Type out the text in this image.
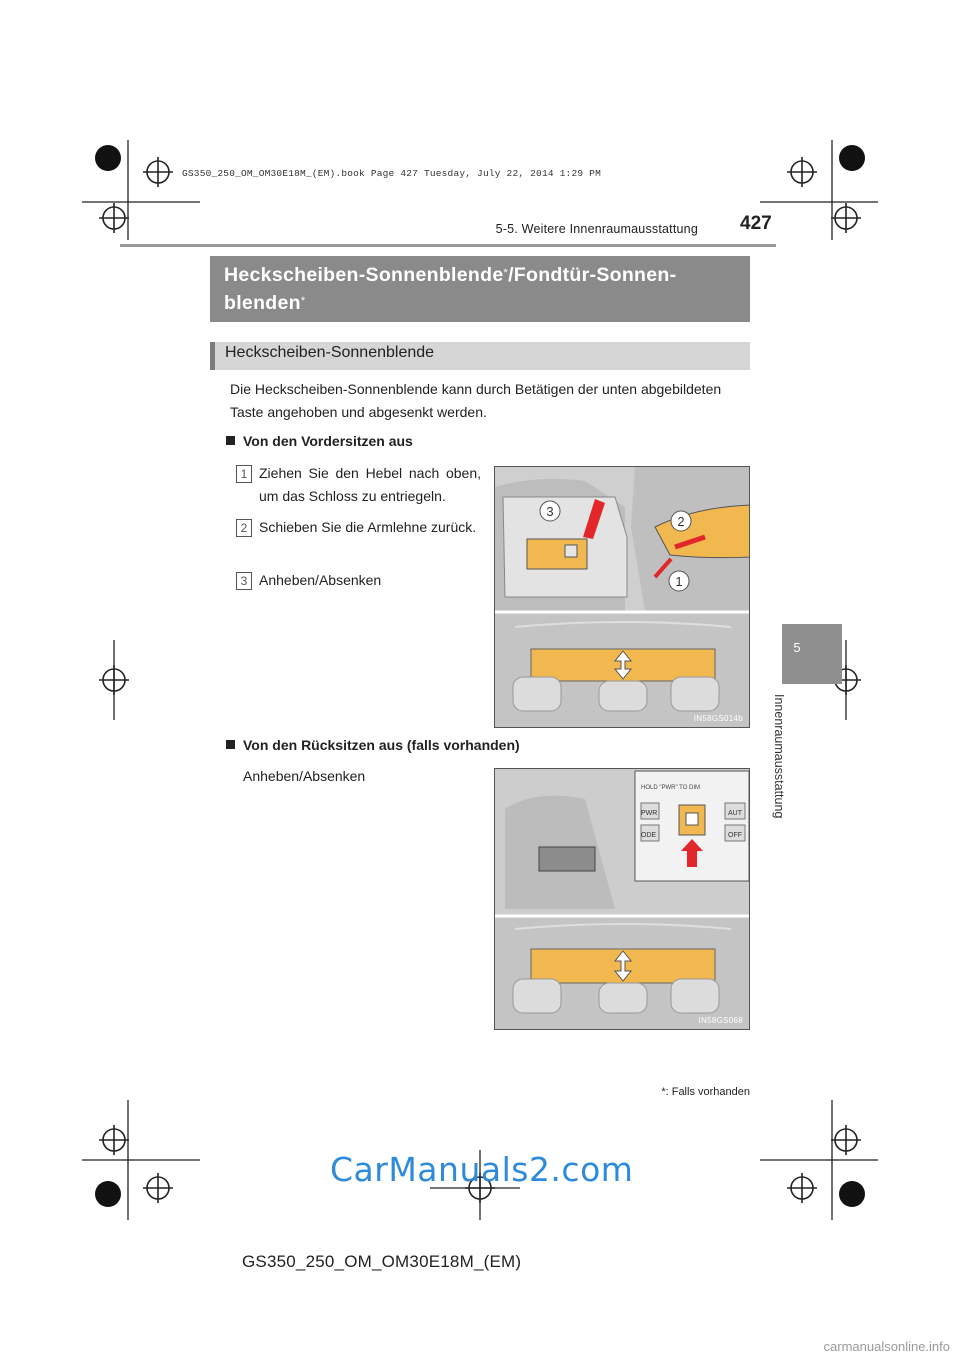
GS350_250_OM_OM30E18M_(EM).book Page 427 Tuesday, July 22, 2014 1:29 PM
5-5. Weitere Innenraumausstattung 427
5
Innenraumausstattung
Heckscheiben-Sonnenblende*/Fondtür-Sonnen-
blenden*
Heckscheiben-Sonnenblende
Die Heckscheiben-Sonnenblende kann durch Betätigen der unten abgebildeten Taste angehoben und abgesenkt werden.
Von den Vordersitzen aus
1 Ziehen Sie den Hebel nach oben, um das Schloss zu entriegeln.
2 Schieben Sie die Armlehne zurück.
3 Anheben/Absenken
3
2
1
IN58GS014b
Von den Rücksitzen aus (falls vorhanden)
Anheben/Absenken
HOLD "PWR" TO DIM
PWR
ODE
AUT
OFF
IN58GS068
*: Falls vorhanden
CarManuals2.com
GS350_250_OM_OM30E18M_(EM)
carmanualsonline.info
